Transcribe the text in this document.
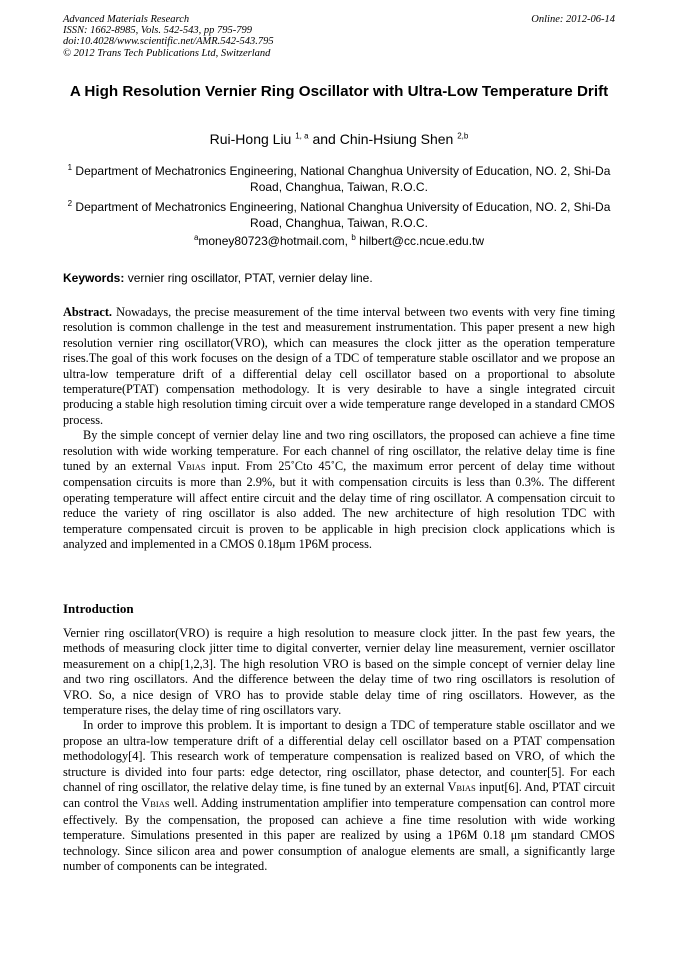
Advanced Materials Research
ISSN: 1662-8985, Vols. 542-543, pp 795-799
doi:10.4028/www.scientific.net/AMR.542-543.795
© 2012 Trans Tech Publications Ltd, Switzerland
Online: 2012-06-14
A High Resolution Vernier Ring Oscillator with Ultra-Low Temperature Drift
Rui-Hong Liu $^{1, a}$ and Chin-Hsiung Shen $^{2,b}$
$^1$ Department of Mechatronics Engineering, National Changhua University of Education, NO. 2, Shi-Da Road, Changhua, Taiwan, R.O.C.
$^2$ Department of Mechatronics Engineering, National Changhua University of Education, NO. 2, Shi-Da Road, Changhua, Taiwan, R.O.C.
$^a$money80723@hotmail.com, $^b$ hilbert@cc.ncue.edu.tw
Keywords: vernier ring oscillator, PTAT, vernier delay line.

Abstract. Nowadays, the precise measurement of the time interval between two events with very fine timing resolution is common challenge in the test and measurement instrumentation. This paper present a new high resolution vernier ring oscillator(VRO), which can measures the clock jitter as the operation temperature rises.The goal of this work focuses on the design of a TDC of temperature stable oscillator and we propose an ultra-low temperature drift of a differential delay cell oscillator based on a proportional to absolute temperature(PTAT) compensation methodology. It is very desirable to have a single integrated circuit producing a stable high resolution timing circuit over a wide temperature range developed in a standard CMOS process.

By the simple concept of vernier delay line and two ring oscillators, the proposed can achieve a fine time resolution with wide working temperature. For each channel of ring oscillator, the relative delay time is fine tuned by an external VBIAS input. From 25˚Cto 45˚C, the maximum error percent of delay time without compensation circuits is more than 2.9%, but it with compensation circuits is less than 0.3%. The different operating temperature will affect entire circuit and the delay time of ring oscillator. A compensation circuit to reduce the variety of ring oscillator is also added. The new architecture of high resolution TDC with temperature compensated circuit is proven to be applicable in high precision clock applications which is analyzed and implemented in a CMOS 0.18μm 1P6M process.

Introduction

Vernier ring oscillator(VRO) is require a high resolution to measure clock jitter. In the past few years, the methods of measuring clock jitter time to digital converter, vernier delay line measurement, vernier oscillator measurement on a chip[1,2,3]. The high resolution VRO is based on the simple concept of vernier delay line and two ring oscillators. And the difference between the delay time of two ring oscillators is resolution of VRO. So, a nice design of VRO has to provide stable delay time of ring oscillators. However, as the temperature rises, the delay time of ring oscillators vary.

In order to improve this problem. It is important to design a TDC of temperature stable oscillator and we propose an ultra-low temperature drift of a differential delay cell oscillator based on a PTAT compensation methodology[4]. This research work of temperature compensation is realized based on VRO, of which the structure is divided into four parts: edge detector, ring oscillator, phase detector, and counter[5]. For each channel of ring oscillator, the relative delay time, is fine tuned by an external VBIAS input[6]. And, PTAT circuit can control the VBIAS well. Adding instrumentation amplifier into temperature compensation can control more effectively. By the compensation, the proposed can achieve a fine time resolution with wide working temperature. Simulations presented in this paper are realized by using a 1P6M 0.18 μm standard CMOS technology. Since silicon area and power consumption of analogue elements are small, a significantly large number of components can be integrated.
